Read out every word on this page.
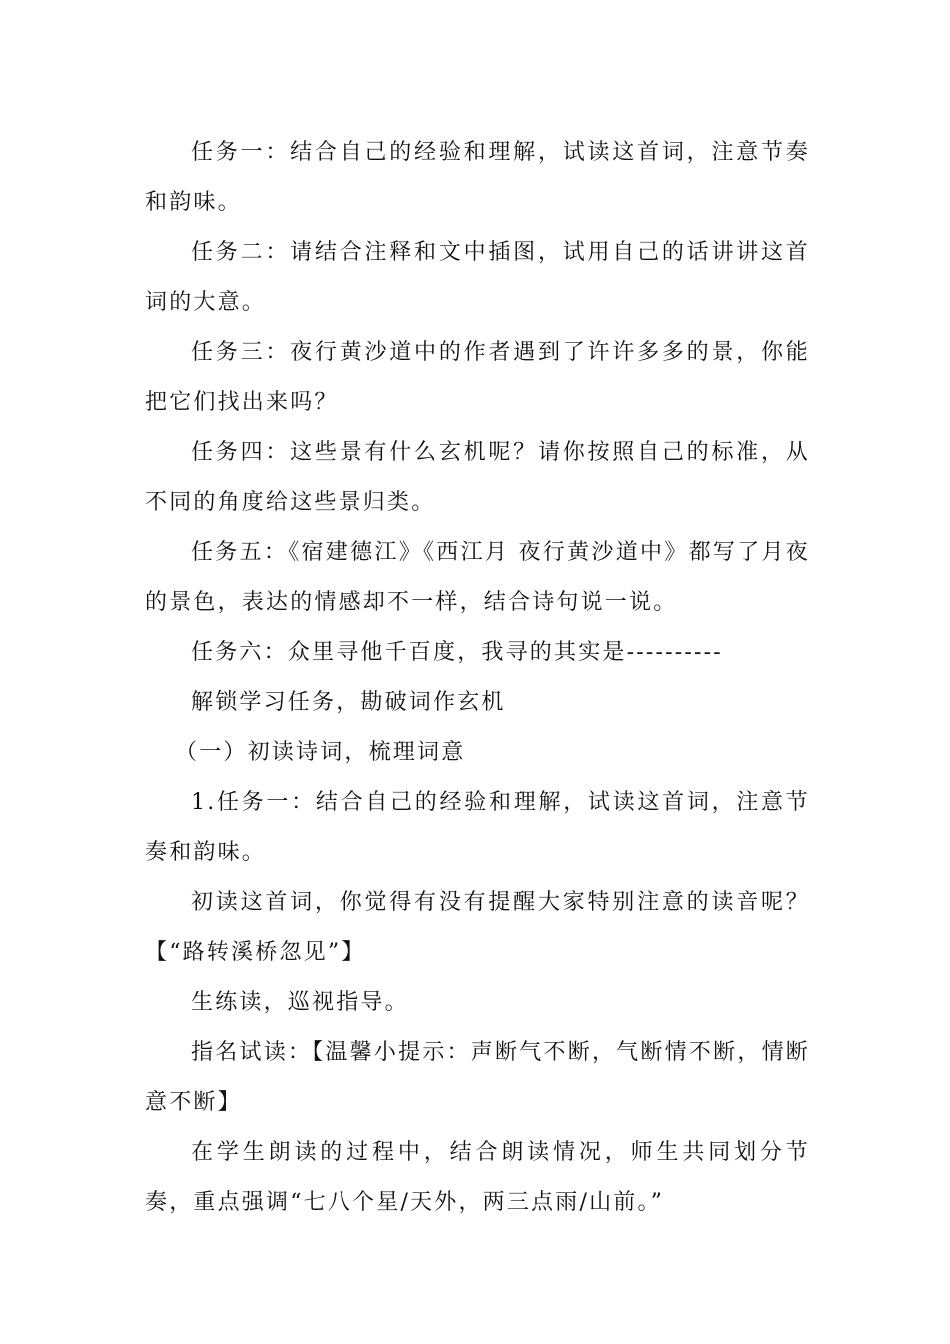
任务一：结合自己的经验和理解，试读这首词，注意节奏和韵味。

任务二：请结合注释和文中插图，试用自己的话讲讲这首词的大意。

任务三：夜行黄沙道中的作者遇到了许许多多的景，你能把它们找出来吗？

任务四：这些景有什么玄机呢？请你按照自己的标准，从不同的角度给这些景归类。

任务五：《宿建德江》《西江月 夜行黄沙道中》都写了月夜的景色，表达的情感却不一样，结合诗句说一说。

任务六：众里寻他千百度，我寻的其实是----------

解锁学习任务，勘破词作玄机

（一）初读诗词，梳理词意

1.任务一：结合自己的经验和理解，试读这首词，注意节奏和韵味。

初读这首词，你觉得有没有提醒大家特别注意的读音呢？【“路转溪桥忽见”】

生练读，巡视指导。

指名试读：【温馨小提示：声断气不断，气断情不断，情断意不断】

在学生朗读的过程中，结合朗读情况，师生共同划分节奏，重点强调“七八个星/天外，两三点雨/山前。”
